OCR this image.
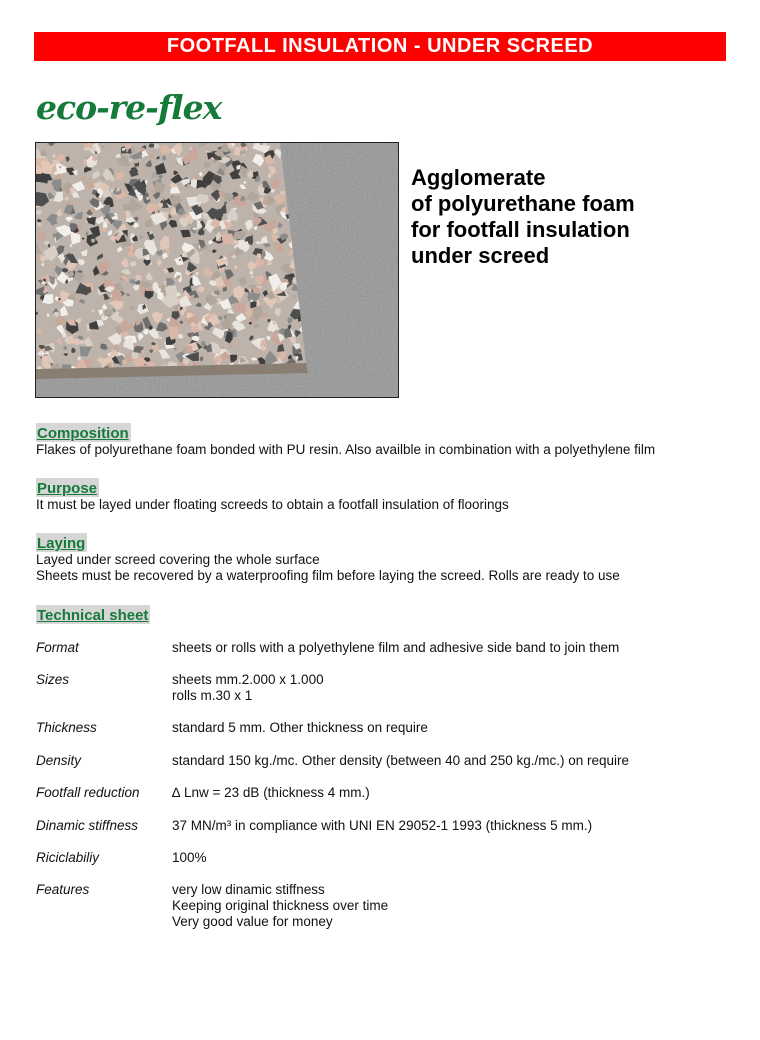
FOOTFALL INSULATION - UNDER SCREED
eco-re-flex
Agglomerate
of polyurethane foam
for footfall insulation
under screed
Composition
Flakes of polyurethane foam bonded with PU resin. Also availble in combination with a polyethylene film
Purpose
It must be layed under floating screeds to obtain a footfall insulation of floorings
Laying
Layed under screed covering the whole surface
Sheets must be recovered by a waterproofing film before laying the screed. Rolls are ready to use
Technical sheet
Format	sheets or rolls with a polyethylene film and adhesive side band to join them
Sizes	sheets mm.2.000 x 1.000
rolls m.30 x 1
Thickness	standard 5 mm. Other thickness on require
Density	standard 150 kg./mc. Other density (between 40 and 250 kg./mc.) on require
Footfall reduction	∆ Lnw = 23 dB (thickness 4 mm.)
Dinamic stiffness	37 MN/m³ in compliance with UNI EN 29052-1 1993 (thickness 5 mm.)
Riciclabiliy	100%
Features	very low dinamic stiffness
Keeping original thickness over time
Very good value for money
